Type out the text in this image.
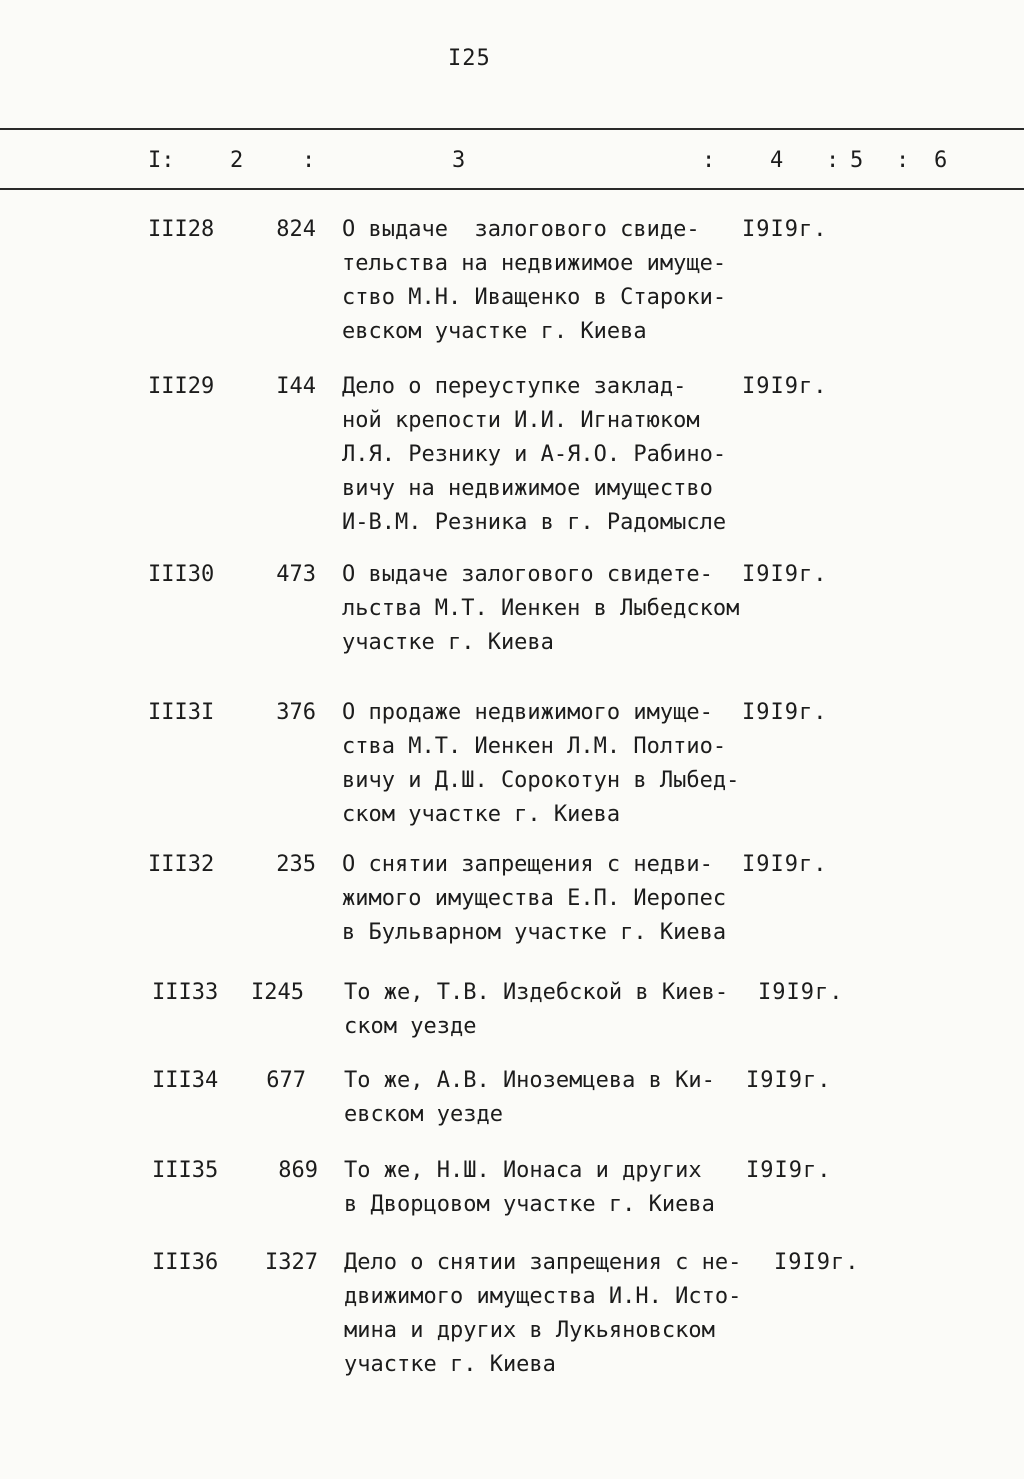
I25
I:	2	:	3	: 4 : 5 : 6
III28	824 О выдаче  залогового свиде-
тельства на недвижимое имуще-
ство М.Н. Иващенко в Староки-
евском участке г. Киева
I9I9г.
III29	I44 Дело о переуступке заклад-
ной крепости И.И. Игнатюком
Л.Я. Резнику и А-Я.О. Рабино-
вичу на недвижимое имущество
И-В.М. Резника в г. Радомысле
I9I9г.
III30	473 О выдаче залогового свидете-
льства М.Т. Иенкен в Лыбедском
участке г. Киева
I9I9г.
III3I	376 О продаже недвижимого имуще-
ства М.Т. Иенкен Л.М. Полтио-
вичу и Д.Ш. Сорокотун в Лыбед-
ском участке г. Киева
I9I9г.
III32	235 О снятии запрещения с недви-
жимого имущества Е.П. Иеропес
в Бульварном участке г. Киева
I9I9г.
III33	I245 То же, Т.В. Издебской в Киев-
ском уезде
I9I9г.
III34	677 То же, А.В. Иноземцева в Ки-
евском уезде
I9I9г.
III35	869 То же, Н.Ш. Ионаса и других
в Дворцовом участке г. Киева
I9I9г.
III36	I327 Дело о снятии запрещения с не-
движимого имущества И.Н. Исто-
мина и других в Лукьяновском
участке г. Киева
I9I9г.
